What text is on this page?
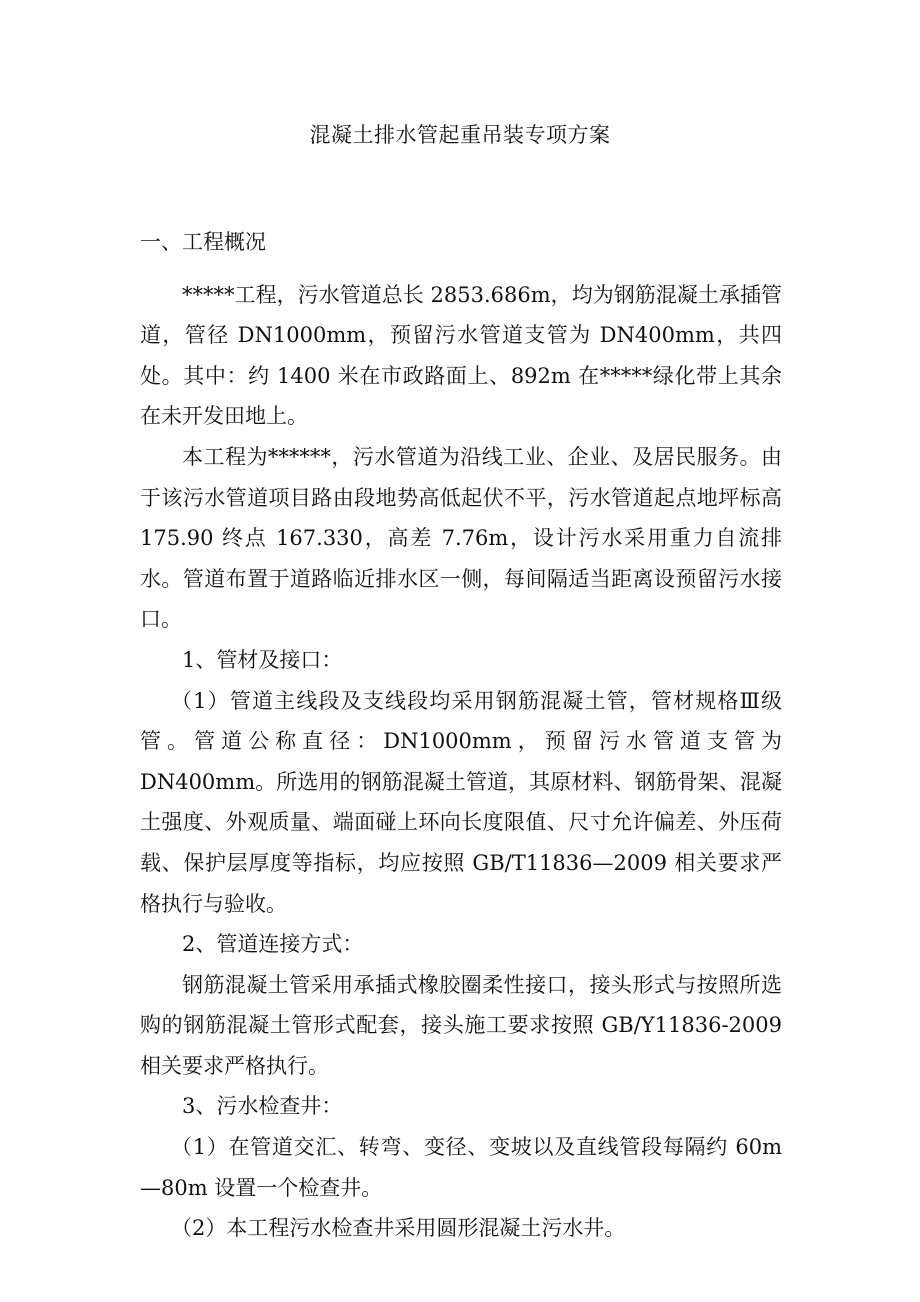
混凝土排水管起重吊装专项方案

一、工程概况

*****工程，污水管道总长 2853.686m，均为钢筋混凝土承插管道，管径 DN1000mm，预留污水管道支管为 DN400mm，共四处。其中：约 1400 米在市政路面上、892m 在*****绿化带上其余在未开发田地上。

本工程为******，污水管道为沿线工业、企业、及居民服务。由于该污水管道项目路由段地势高低起伏不平，污水管道起点地坪标高 175.90 终点 167.330，高差 7.76m，设计污水采用重力自流排水。管道布置于道路临近排水区一侧，每间隔适当距离设预留污水接口。

1、管材及接口：

（1）管道主线段及支线段均采用钢筋混凝土管，管材规格Ⅲ级管。管道公称直径：DN1000mm，预留污水管道支管为 DN400mm。所选用的钢筋混凝土管道，其原材料、钢筋骨架、混凝土强度、外观质量、端面碰上环向长度限值、尺寸允许偏差、外压荷载、保护层厚度等指标，均应按照 GB/T11836—2009 相关要求严格执行与验收。

2、管道连接方式：

钢筋混凝土管采用承插式橡胶圈柔性接口，接头形式与按照所选购的钢筋混凝土管形式配套，接头施工要求按照 GB/Y11836-2009 相关要求严格执行。

3、污水检查井：

（1）在管道交汇、转弯、变径、变坡以及直线管段每隔约 60m—80m 设置一个检查井。

（2）本工程污水检查井采用圆形混凝土污水井。
